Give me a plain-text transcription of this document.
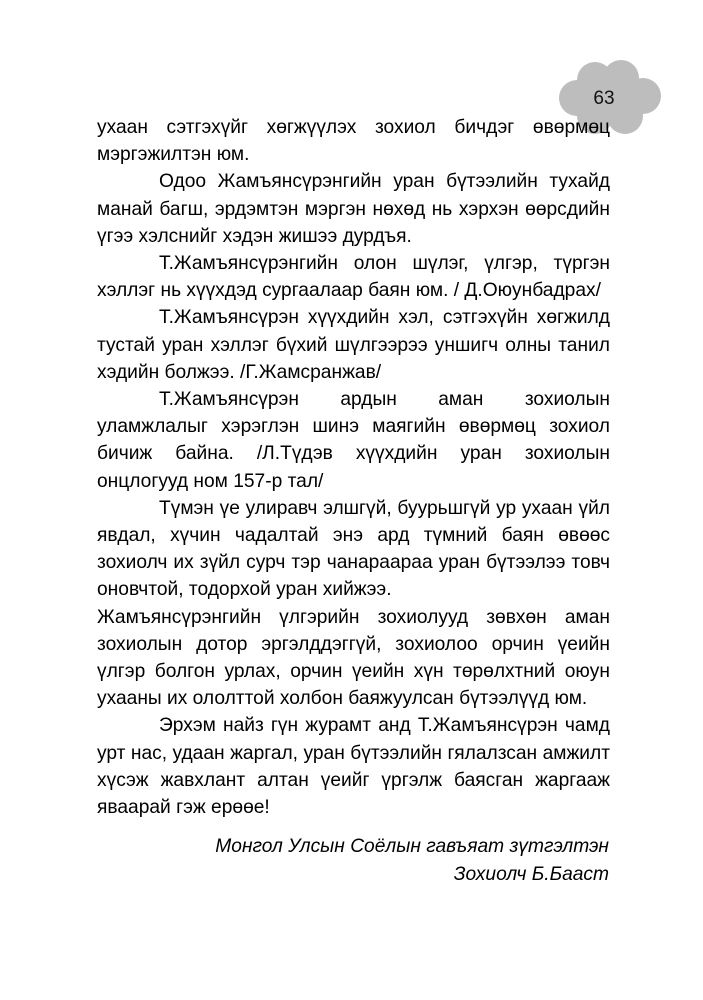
63

ухаан сэтгэхүйг хөгжүүлэх зохиол бичдэг өвөрмөц мэргэжилтэн юм.

Одоо Жамъянсүрэнгийн уран бүтээлийн тухайд манай багш, эрдэмтэн мэргэн нөхөд нь хэрхэн өөрсдийн үгээ хэлснийг хэдэн жишээ дурдъя.

Т.Жамъянсүрэнгийн олон шүлэг, үлгэр, түргэн хэллэг нь хүүхдэд сургаалаар баян юм. / Д.Оюунбадрах/

Т.Жамъянсүрэн хүүхдийн хэл, сэтгэхүйн хөгжилд тустай уран хэллэг бүхий шүлгээрээ уншигч олны танил хэдийн болжээ. /Г.Жамсранжав/

Т.Жамъянсүрэн ардын аман зохиолын уламжлалыг хэрэглэн шинэ маягийн өвөрмөц зохиол бичиж байна. /Л.Түдэв хүүхдийн уран зохиолын онцлогууд ном 157-р тал/

Түмэн үе улиравч элшгүй, буурьшгүй ур ухаан үйл явдал, хүчин чадалтай энэ ард түмний баян өвөөс зохиолч их зүйл сурч тэр чанараараа уран бүтээлээ товч оновчтой, тодорхой уран хийжээ.

Жамъянсүрэнгийн үлгэрийн зохиолууд зөвхөн аман зохиолын дотор эргэлддэггүй, зохиолоо орчин үеийн үлгэр болгон урлах, орчин үеийн хүн төрөлхтний оюун ухааны их ололттой холбон баяжуулсан бүтээлүүд юм.

Эрхэм найз гүн журамт анд Т.Жамъянсүрэн чамд урт нас, удаан жаргал, уран бүтээлийн гялалзсан амжилт хүсэж жавхлант алтан үеийг үргэлж баясган жаргааж яваарай гэж ерөөе!

Монгол Улсын Соёлын гавъяат зүтгэлтэн
Зохиолч Б.Бааст
